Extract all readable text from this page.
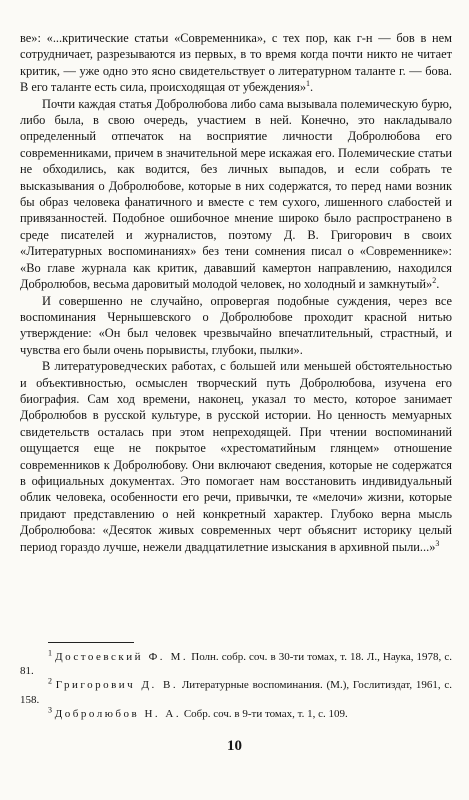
ве»: «...критические статьи «Современника», с тех пор, как г-н — бов в нем сотрудничает, разрезываются из первых, в то время когда почти никто не читает критик, — уже одно это ясно свидетельствует о литературном таланте г. — бова. В его таланте есть сила, происходящая от убеждения»$^1$.

Почти каждая статья Добролюбова либо сама вызывала полемическую бурю, либо была, в свою очередь, участием в ней. Конечно, это накладывало определенный отпечаток на восприятие личности Добролюбова его современниками, причем в значительной мере искажая его. Полемические статьи не обходились, как водится, без личных выпадов, и если собрать те высказывания о Добролюбове, которые в них содержатся, то перед нами возник бы образ человека фанатичного и вместе с тем сухого, лишенного слабостей и привязанностей. Подобное ошибочное мнение широко было распространено в среде писателей и журналистов, поэтому Д. В. Григорович в своих «Литературных воспоминаниях» без тени сомнения писал о «Современнике»: «Во главе журнала как критик, дававший камертон направлению, находился Добролюбов, весьма даровитый молодой человек, но холодный и замкнутый»$^2$.

И совершенно не случайно, опровергая подобные суждения, через все воспоминания Чернышевского о Добролюбове проходит красной нитью утверждение: «Он был человек чрезвычайно впечатлительный, страстный, и чувства его были очень порывисты, глубоки, пылки».

В литературоведческих работах, с большей или меньшей обстоятельностью и объективностью, осмыслен творческий путь Добролюбова, изучена его биография. Сам ход времени, наконец, указал то место, которое занимает Добролюбов в русской культуре, в русской истории. Но ценность мемуарных свидетельств осталась при этом непреходящей. При чтении воспоминаний ощущается еще не покрытое «хрестоматийным глянцем» отношение современников к Добролюбову. Они включают сведения, которые не содержатся в официальных документах. Это помогает нам восстановить индивидуальный облик человека, особенности его речи, привычки, те «мелочи» жизни, которые придают представлению о ней конкретный характер. Глубоко верна мысль Добролюбова: «Десяток живых современных черт объяснит историку целый период гораздо лучше, нежели двадцатилетние изыскания в архивной пыли...»$^3$

$^1$ Достоевский Ф. М. Полн. собр. соч. в 30-ти томах, т. 18. Л., Наука, 1978, с. 81.

$^2$ Григорович Д. В. Литературные воспоминания. (М.), Гослитиздат, 1961, с. 158.

$^3$ Добролюбов Н. А. Собр. соч. в 9-ти томах, т. 1, с. 109.

10
